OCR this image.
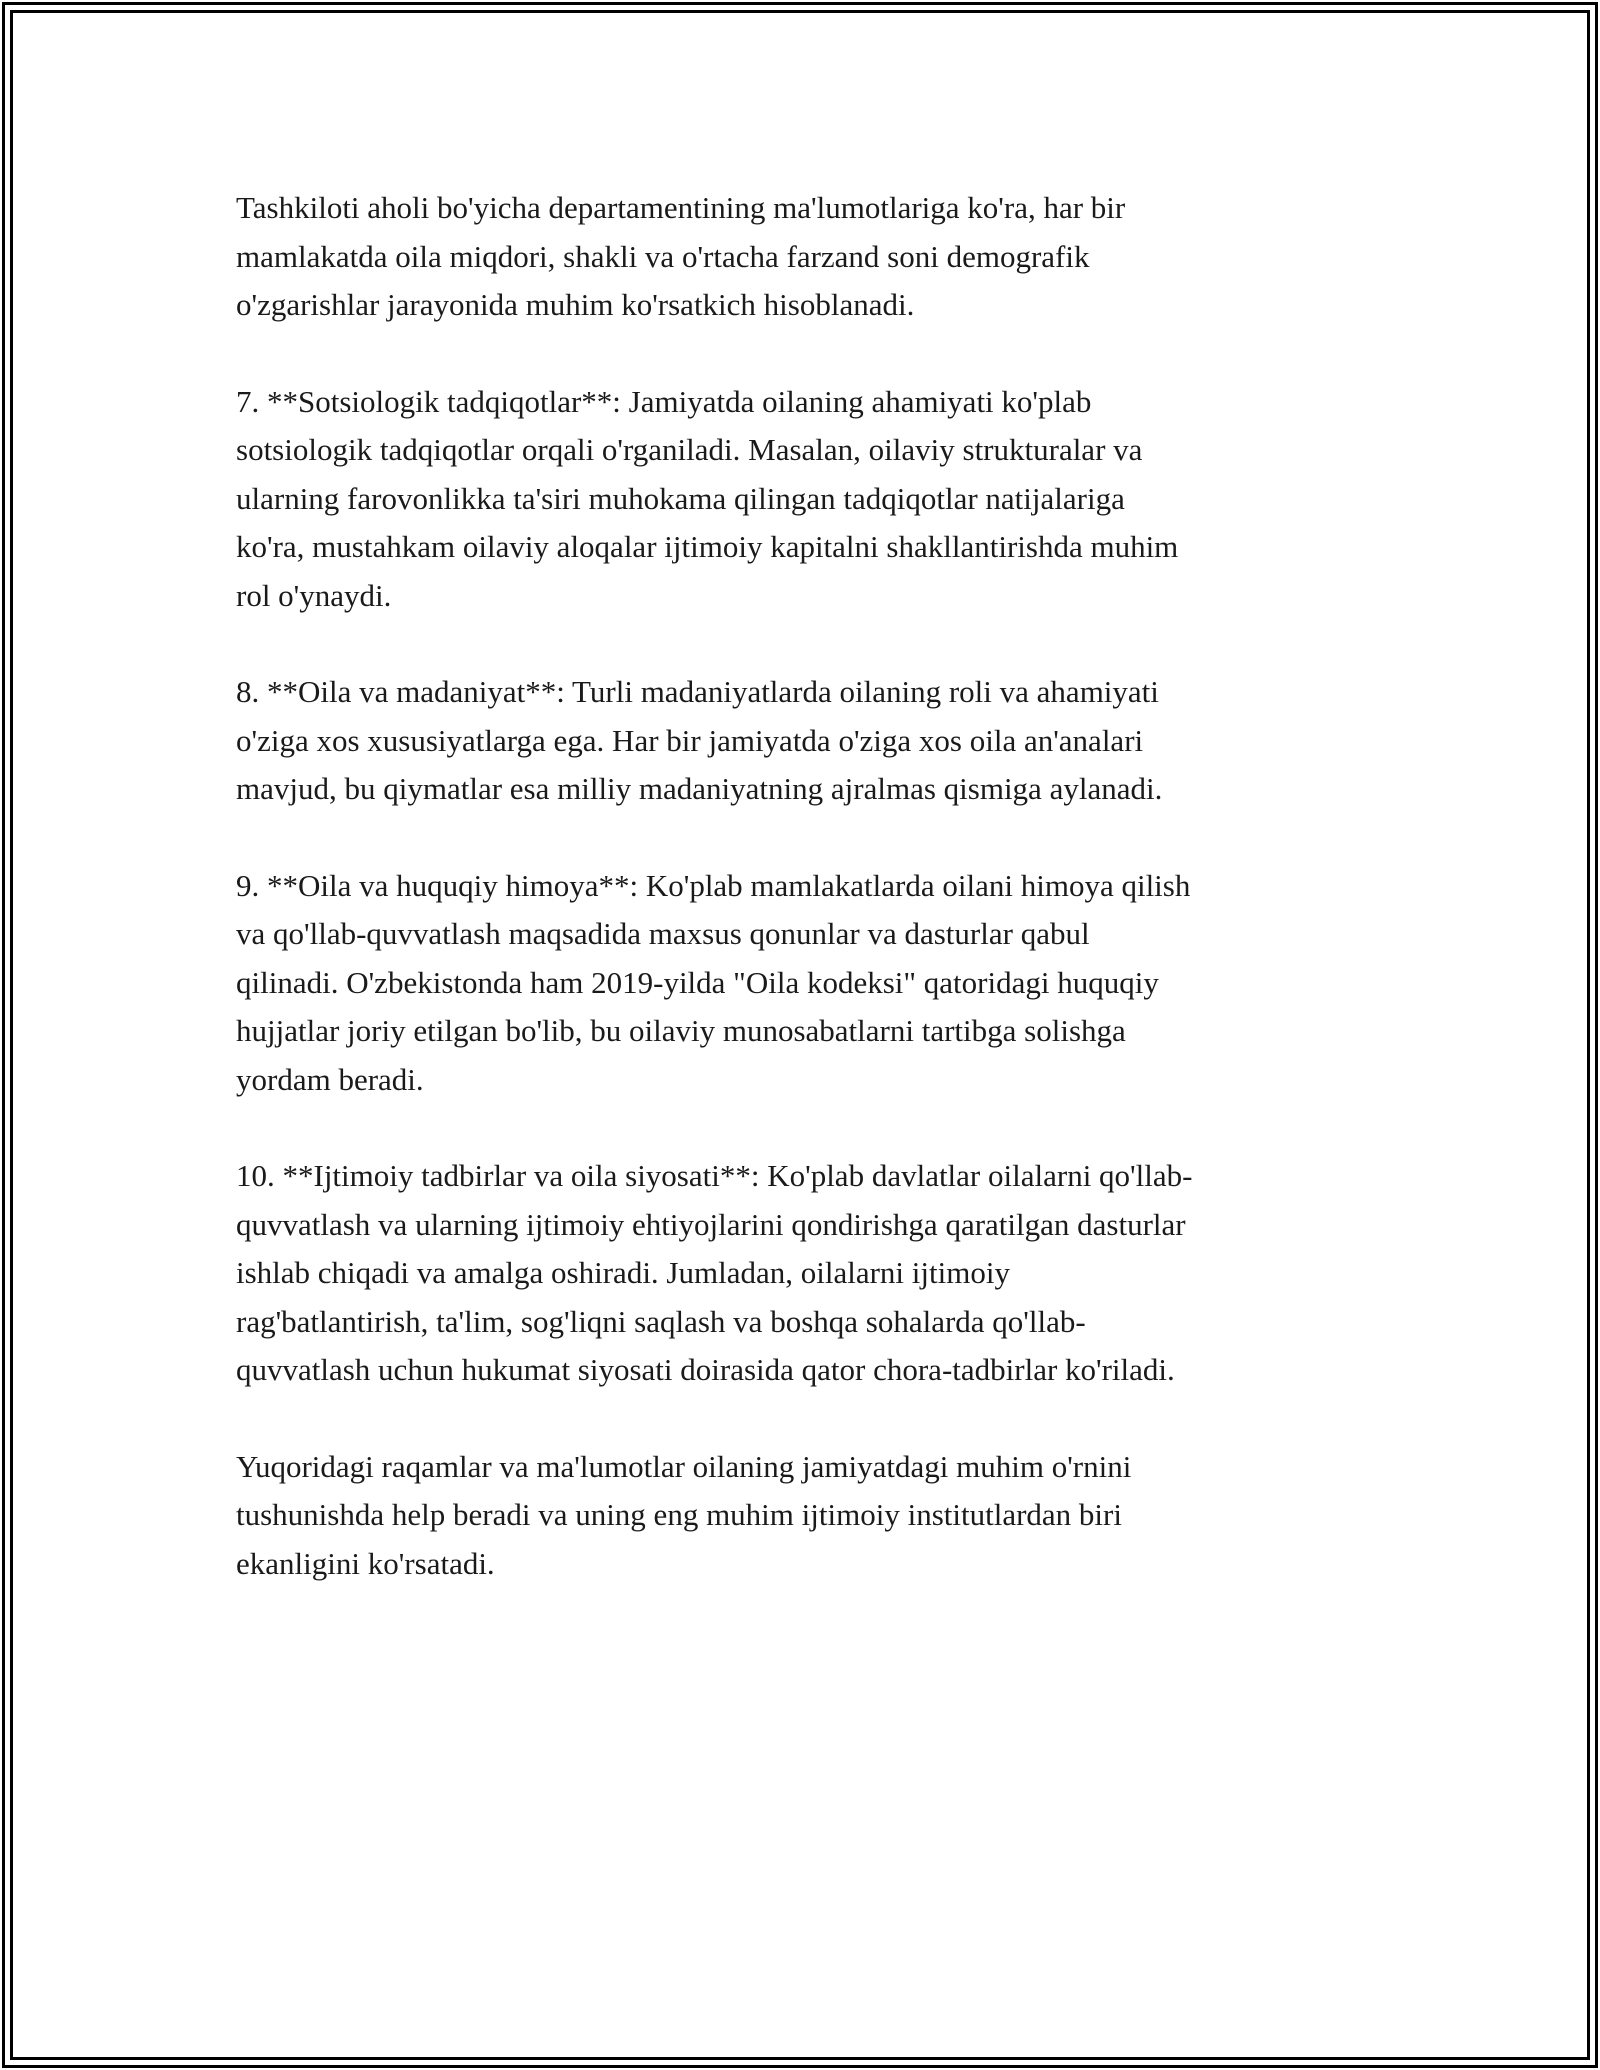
Tashkiloti aholi bo'yicha departamentining ma'lumotlariga ko'ra, har bir
mamlakatda oila miqdori, shakli va o'rtacha farzand soni demografik
o'zgarishlar jarayonida muhim ko'rsatkich hisoblanadi.

7. **Sotsiologik tadqiqotlar**: Jamiyatda oilaning ahamiyati ko'plab
sotsiologik tadqiqotlar orqali o'rganiladi. Masalan, oilaviy strukturalar va
ularning farovonlikka ta'siri muhokama qilingan tadqiqotlar natijalariga
ko'ra, mustahkam oilaviy aloqalar ijtimoiy kapitalni shakllantirishda muhim
rol o'ynaydi.

8. **Oila va madaniyat**: Turli madaniyatlarda oilaning roli va ahamiyati
o'ziga xos xususiyatlarga ega. Har bir jamiyatda o'ziga xos oila an'analari
mavjud, bu qiymatlar esa milliy madaniyatning ajralmas qismiga aylanadi.

9. **Oila va huquqiy himoya**: Ko'plab mamlakatlarda oilani himoya qilish
va qo'llab-quvvatlash maqsadida maxsus qonunlar va dasturlar qabul
qilinadi. O'zbekistonda ham 2019-yilda "Oila kodeksi" qatoridagi huquqiy
hujjatlar joriy etilgan bo'lib, bu oilaviy munosabatlarni tartibga solishga
yordam beradi.

10. **Ijtimoiy tadbirlar va oila siyosati**: Ko'plab davlatlar oilalarni qo'llab-
quvvatlash va ularning ijtimoiy ehtiyojlarini qondirishga qaratilgan dasturlar
ishlab chiqadi va amalga oshiradi. Jumladan, oilalarni ijtimoiy
rag'batlantirish, ta'lim, sog'liqni saqlash va boshqa sohalarda qo'llab-
quvvatlash uchun hukumat siyosati doirasida qator chora-tadbirlar ko'riladi.

Yuqoridagi raqamlar va ma'lumotlar oilaning jamiyatdagi muhim o'rnini
tushunishda help beradi va uning eng muhim ijtimoiy institutlardan biri
ekanligini ko'rsatadi.
